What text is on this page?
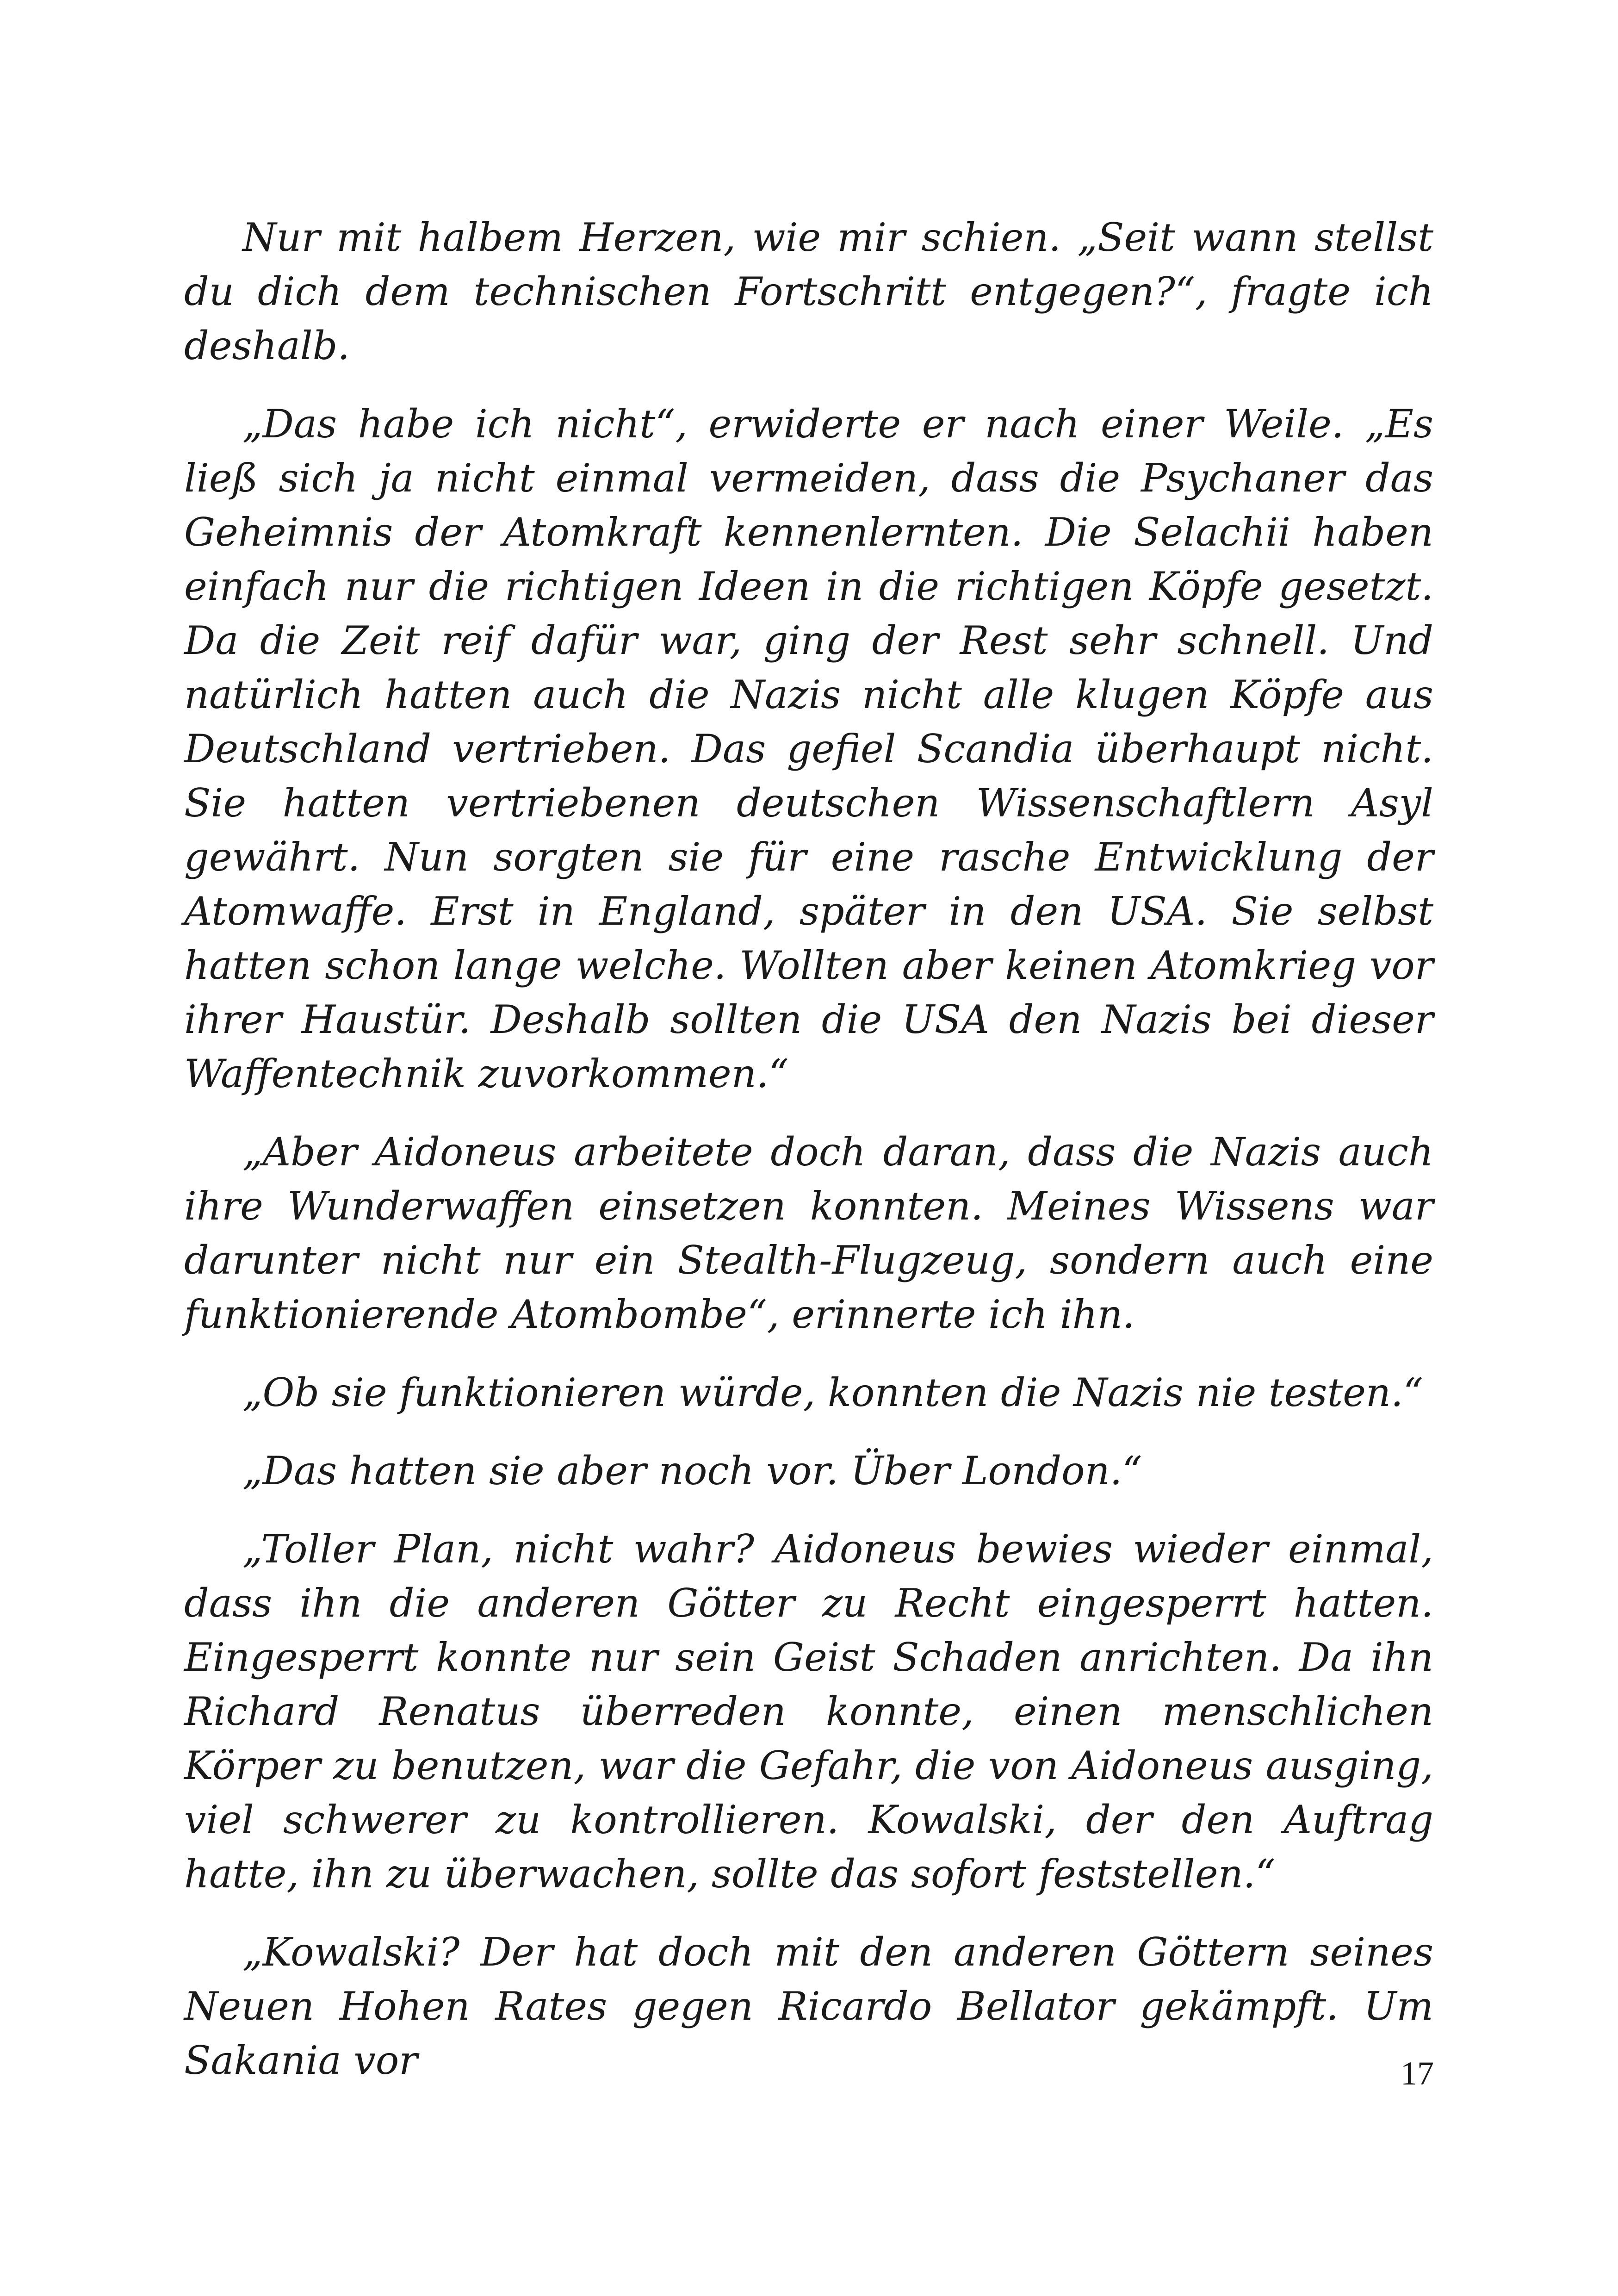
Nur mit halbem Herzen, wie mir schien. „Seit wann stellst du dich dem technischen Fortschritt entgegen?“, fragte ich deshalb.

„Das habe ich nicht“, erwiderte er nach einer Weile. „Es ließ sich ja nicht einmal vermeiden, dass die Psychaner das Geheimnis der Atomkraft kennenlernten. Die Selachii haben einfach nur die richtigen Ideen in die richtigen Köpfe gesetzt. Da die Zeit reif dafür war, ging der Rest sehr schnell. Und natürlich hatten auch die Nazis nicht alle klugen Köpfe aus Deutschland vertrieben. Das gefiel Scandia überhaupt nicht. Sie hatten vertriebenen deutschen Wissenschaftlern Asyl gewährt. Nun sorgten sie für eine rasche Entwicklung der Atomwaffe. Erst in England, später in den USA. Sie selbst hatten schon lange welche. Wollten aber keinen Atomkrieg vor ihrer Haustür. Deshalb sollten die USA den Nazis bei dieser Waffentechnik zuvorkommen.“

„Aber Aidoneus arbeitete doch daran, dass die Nazis auch ihre Wunderwaffen einsetzen konnten. Meines Wissens war darunter nicht nur ein Stealth-Flugzeug, sondern auch eine funktionierende Atombombe“, erinnerte ich ihn.

„Ob sie funktionieren würde, konnten die Nazis nie testen.“

„Das hatten sie aber noch vor. Über London.“

„Toller Plan, nicht wahr? Aidoneus bewies wieder einmal, dass ihn die anderen Götter zu Recht eingesperrt hatten. Eingesperrt konnte nur sein Geist Schaden anrichten. Da ihn Richard Renatus überreden konnte, einen menschlichen Körper zu benutzen, war die Gefahr, die von Aidoneus ausging, viel schwerer zu kontrollieren. Kowalski, der den Auftrag hatte, ihn zu überwachen, sollte das sofort feststellen.“

„Kowalski? Der hat doch mit den anderen Göttern seines Neuen Hohen Rates gegen Ricardo Bellator gekämpft. Um Sakania vor	17
